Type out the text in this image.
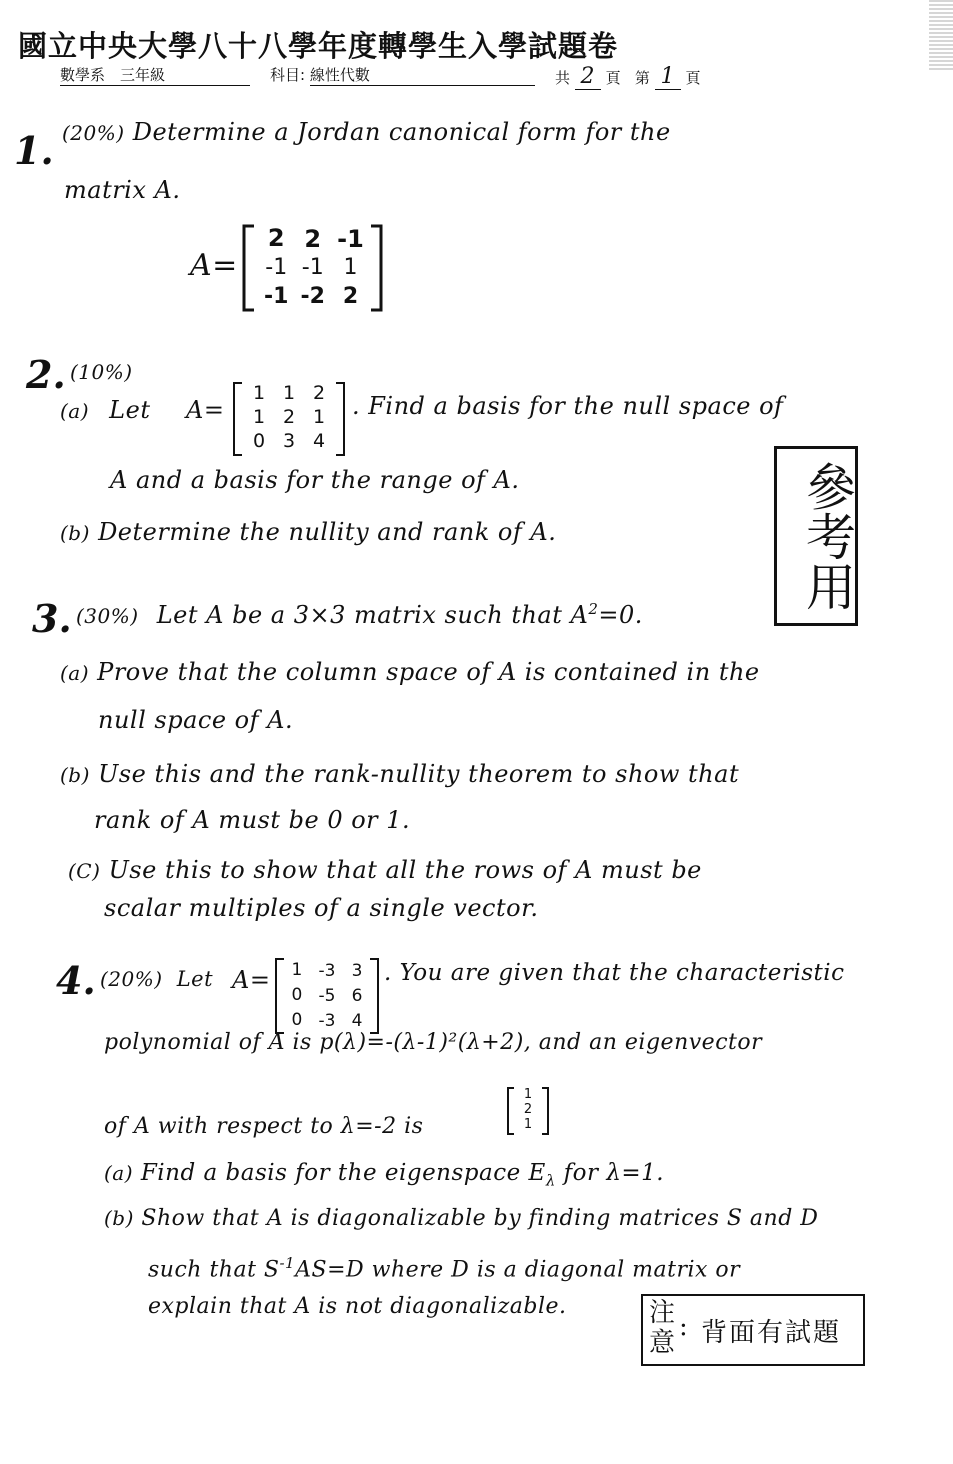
國立中央大學八十八學年度轉學生入學試題卷
數學系　三年級	科目: 線性代數	共 2 頁 第 1 頁
1. (20%) Determine a Jordan canonical form for the
matrix A.
A=
2	2	-1
-1	-1	1
-1	-2	2
2. (10%)
(a) Let A=
1	1	2
1	2	1
0	3	4
. Find a basis for the null space of
A and a basis for the range of A.
(b) Determine the nullity and rank of A.	參考用
3. (30%) Let A be a 3×3 matrix such that $A^2=0$.
(a) Prove that the column space of A is contained in the
null space of A.
(b) Use this and the rank-nullity theorem to show that
rank of A must be 0 or 1.
(C) Use this to show that all the rows of A must be
scalar multiples of a single vector.
4. (20%) Let A= 1	-3	3
0	-5	6
0	-3	4
. You are given that the characteristic
polynomial of A is p(λ)=-(λ-1)²(λ+2), and an eigenvector
of A with respect to λ=-2 is
1
2
1
(a) Find a basis for the eigenspace $E_\lambda$ for λ=1.
(b) Show that A is diagonalizable by finding matrices S and D
such that $S^{-1}AS=D$ where D is a diagonal matrix or
explain that A is not diagonalizable.	注
意
: 背面有試題
